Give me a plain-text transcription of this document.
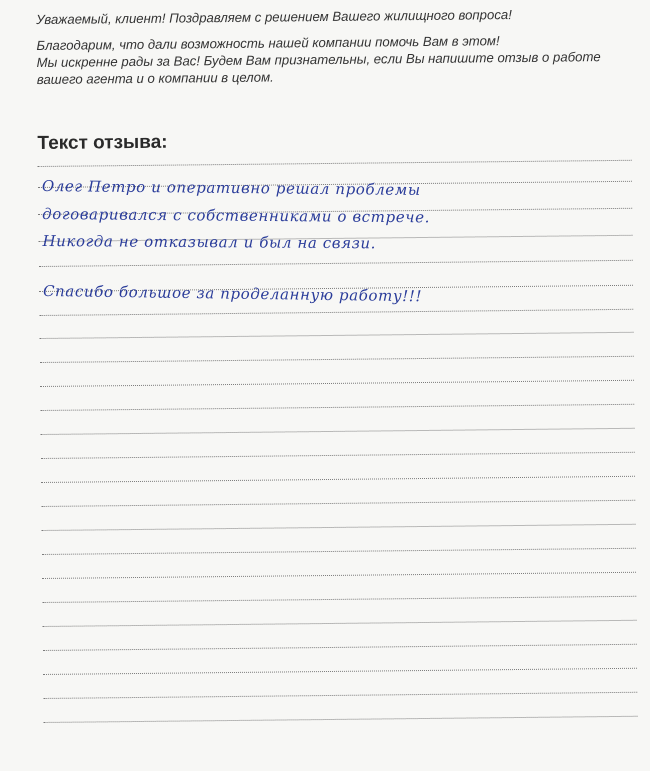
Уважаемый, клиент! Поздравляем с решением Вашего жилищного вопроса!

Благодарим, что дали возможность нашей компании помочь Вам в этом!

Мы искренне рады за Вас! Будем Вам признательны, если Вы напишите отзыв о работе

вашего агента и о компании в целом.

Текст отзыва:
Олег Петро и оперативно решал проблемы
договаривался с собственниками о встрече.
Никогда не отказывал и был на связи.
Спасибо большое за проделанную работу!!!
